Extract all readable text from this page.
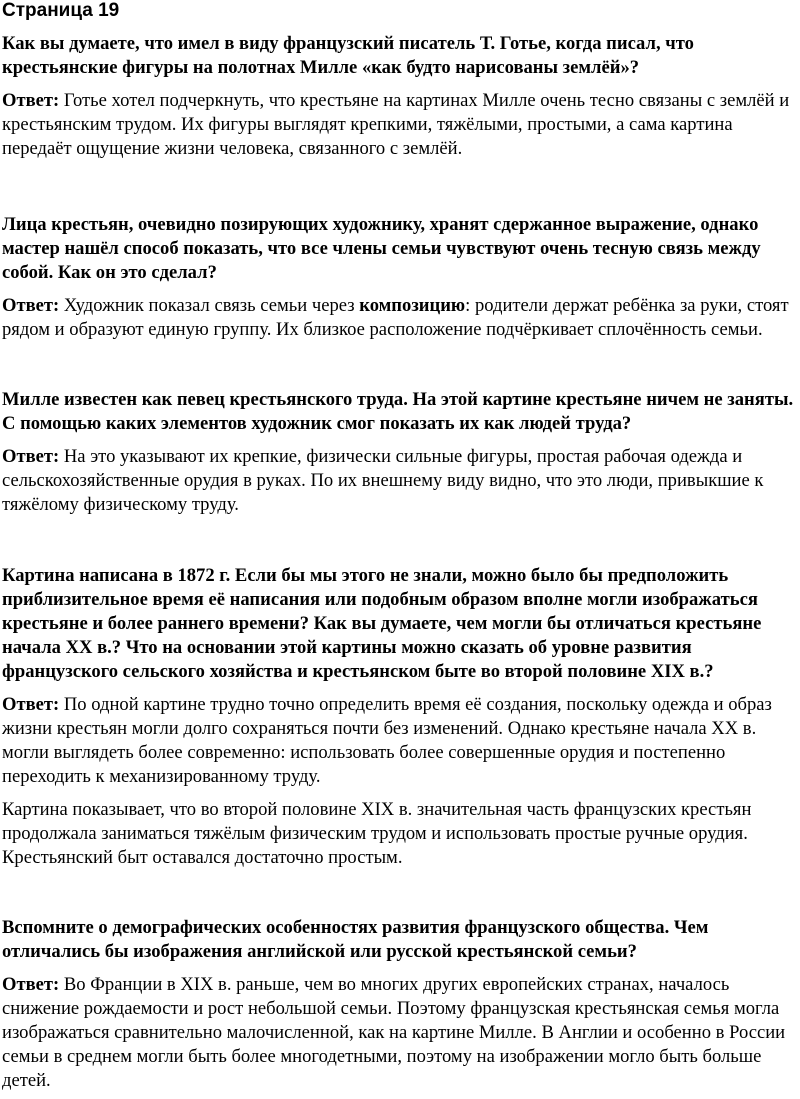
Страница 19

Как вы думаете, что имел в виду французский писатель Т. Готье, когда писал, что крестьянские фигуры на полотнах Милле «как будто нарисованы землёй»?

Ответ: Готье хотел подчеркнуть, что крестьяне на картинах Милле очень тесно связаны с землёй и крестьянским трудом. Их фигуры выглядят крепкими, тяжёлыми, простыми, а сама картина передаёт ощущение жизни человека, связанного с землёй.

Лица крестьян, очевидно позирующих художнику, хранят сдержанное выражение, однако мастер нашёл способ показать, что все члены семьи чувствуют очень тесную связь между собой. Как он это сделал?

Ответ: Художник показал связь семьи через композицию: родители держат ребёнка за руки, стоят рядом и образуют единую группу. Их близкое расположение подчёркивает сплочённость семьи.

Милле известен как певец крестьянского труда. На этой картине крестьяне ничем не заняты. С помощью каких элементов художник смог показать их как людей труда?

Ответ: На это указывают их крепкие, физически сильные фигуры, простая рабочая одежда и сельскохозяйственные орудия в руках. По их внешнему виду видно, что это люди, привыкшие к тяжёлому физическому труду.

Картина написана в 1872 г. Если бы мы этого не знали, можно было бы предположить приблизительное время её написания или подобным образом вполне могли изображаться крестьяне и более раннего времени? Как вы думаете, чем могли бы отличаться крестьяне начала XX в.? Что на основании этой картины можно сказать об уровне развития французского сельского хозяйства и крестьянском быте во второй половине XIX в.?

Ответ: По одной картине трудно точно определить время её создания, поскольку одежда и образ жизни крестьян могли долго сохраняться почти без изменений. Однако крестьяне начала XX в. могли выглядеть более современно: использовать более совершенные орудия и постепенно переходить к механизированному труду.

Картина показывает, что во второй половине XIX в. значительная часть французских крестьян продолжала заниматься тяжёлым физическим трудом и использовать простые ручные орудия. Крестьянский быт оставался достаточно простым.

Вспомните о демографических особенностях развития французского общества. Чем отличались бы изображения английской или русской крестьянской семьи?

Ответ: Во Франции в XIX в. раньше, чем во многих других европейских странах, началось снижение рождаемости и рост небольшой семьи. Поэтому французская крестьянская семья могла изображаться сравнительно малочисленной, как на картине Милле. В Англии и особенно в России семьи в среднем могли быть более многодетными, поэтому на изображении могло быть больше детей.
